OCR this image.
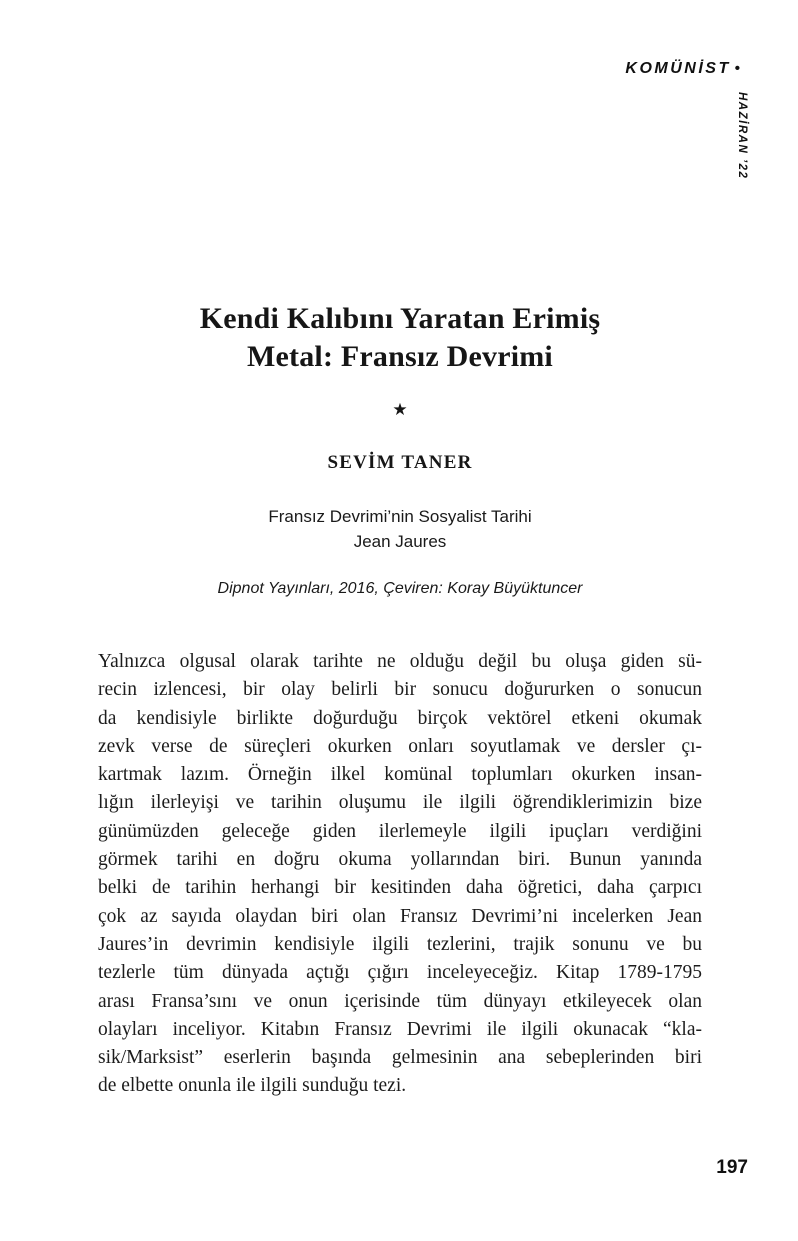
KOMÜNİST •
HAZİRAN ’22
Kendi Kalıbını Yaratan Erimiş
Metal: Fransız Devrimi
★
SEVİM TANER
Fransız Devrimi’nin Sosyalist Tarihi
Jean Jaures
Dipnot Yayınları, 2016, Çeviren: Koray Büyüktuncer
Yalnızca olgusal olarak tarihte ne olduğu değil bu oluşa giden sü-
recin izlencesi, bir olay belirli bir sonucu doğururken o sonucun
da kendisiyle birlikte doğurduğu birçok vektörel etkeni okumak
zevk verse de süreçleri okurken onları soyutlamak ve dersler çı-
kartmak lazım. Örneğin ilkel komünal toplumları okurken insan-
lığın ilerleyişi ve tarihin oluşumu ile ilgili öğrendiklerimizin bize
günümüzden geleceğe giden ilerlemeyle ilgili ipuçları verdiğini
görmek tarihi en doğru okuma yollarından biri. Bunun yanında
belki de tarihin herhangi bir kesitinden daha öğretici, daha çarpıcı
çok az sayıda olaydan biri olan Fransız Devrimi’ni incelerken Jean
Jaures’in devrimin kendisiyle ilgili tezlerini, trajik sonunu ve bu
tezlerle tüm dünyada açtığı çığırı inceleyeceğiz. Kitap 1789-1795
arası Fransa’sını ve onun içerisinde tüm dünyayı etkileyecek olan
olayları inceliyor. Kitabın Fransız Devrimi ile ilgili okunacak “kla-
sik/Marksist” eserlerin başında gelmesinin ana sebeplerinden biri
de elbette onunla ile ilgili sunduğu tezi.
197
